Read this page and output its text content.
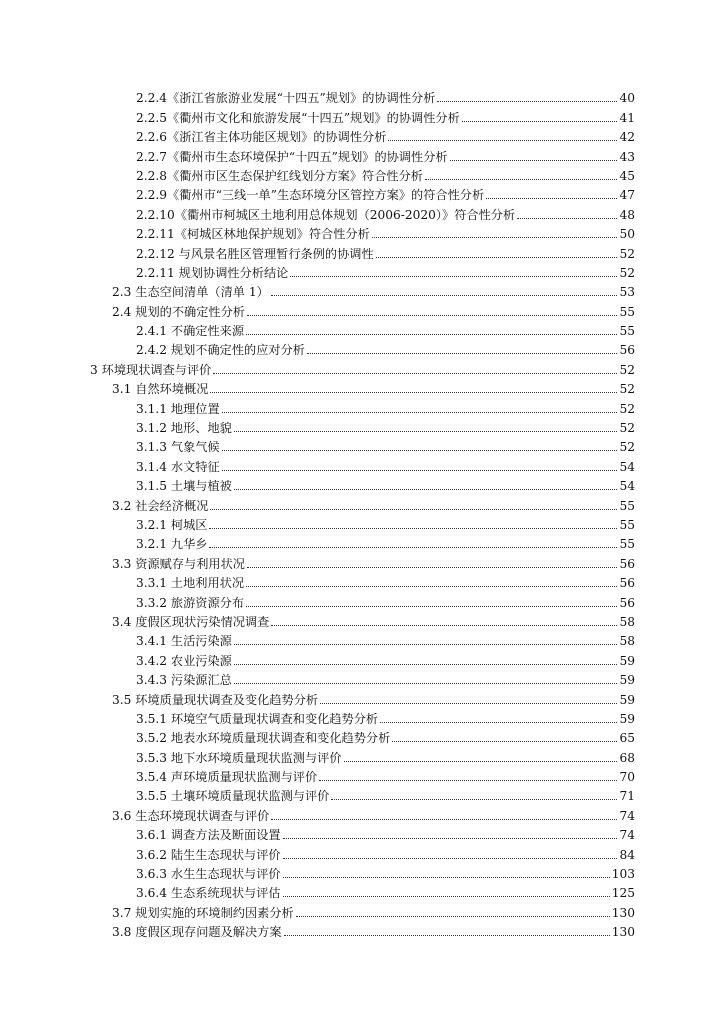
2.2.4《浙江省旅游业发展“十四五”规划》的协调性分析	40
2.2.5《衢州市文化和旅游发展“十四五”规划》的协调性分析	41
2.2.6《浙江省主体功能区规划》的协调性分析	42
2.2.7《衢州市生态环境保护“十四五”规划》的协调性分析	43
2.2.8《衢州市区生态保护红线划分方案》符合性分析	45
2.2.9《衢州市“三线一单”生态环境分区管控方案》的符合性分析	47
2.2.10《衢州市柯城区土地利用总体规划（2006-2020）》符合性分析	48
2.2.11《柯城区林地保护规划》符合性分析	50
2.2.12 与风景名胜区管理暂行条例的协调性	52
2.2.11 规划协调性分析结论	52
2.3 生态空间清单（清单 1）	53
2.4 规划的不确定性分析	55
2.4.1 不确定性来源	55
2.4.2 规划不确定性的应对分析	56
3 环境现状调查与评价	52
3.1 自然环境概况	52
3.1.1 地理位置	52
3.1.2 地形、地貌	52
3.1.3 气象气候	52
3.1.4 水文特征	54
3.1.5 土壤与植被	54
3.2 社会经济概况	55
3.2.1 柯城区	55
3.2.1 九华乡	55
3.3 资源赋存与利用状况	56
3.3.1 土地利用状况	56
3.3.2 旅游资源分布	56
3.4 度假区现状污染情况调查	58
3.4.1 生活污染源	58
3.4.2 农业污染源	59
3.4.3 污染源汇总	59
3.5 环境质量现状调查及变化趋势分析	59
3.5.1 环境空气质量现状调查和变化趋势分析	59
3.5.2 地表水环境质量现状调查和变化趋势分析	65
3.5.3 地下水环境质量现状监测与评价	68
3.5.4 声环境质量现状监测与评价	70
3.5.5 土壤环境质量现状监测与评价	71
3.6 生态环境现状调查与评价	74
3.6.1 调查方法及断面设置	74
3.6.2 陆生生态现状与评价	84
3.6.3 水生生态现状与评价	103
3.6.4 生态系统现状与评估	125
3.7 规划实施的环境制约因素分析	130
3.8 度假区现存问题及解决方案	130
